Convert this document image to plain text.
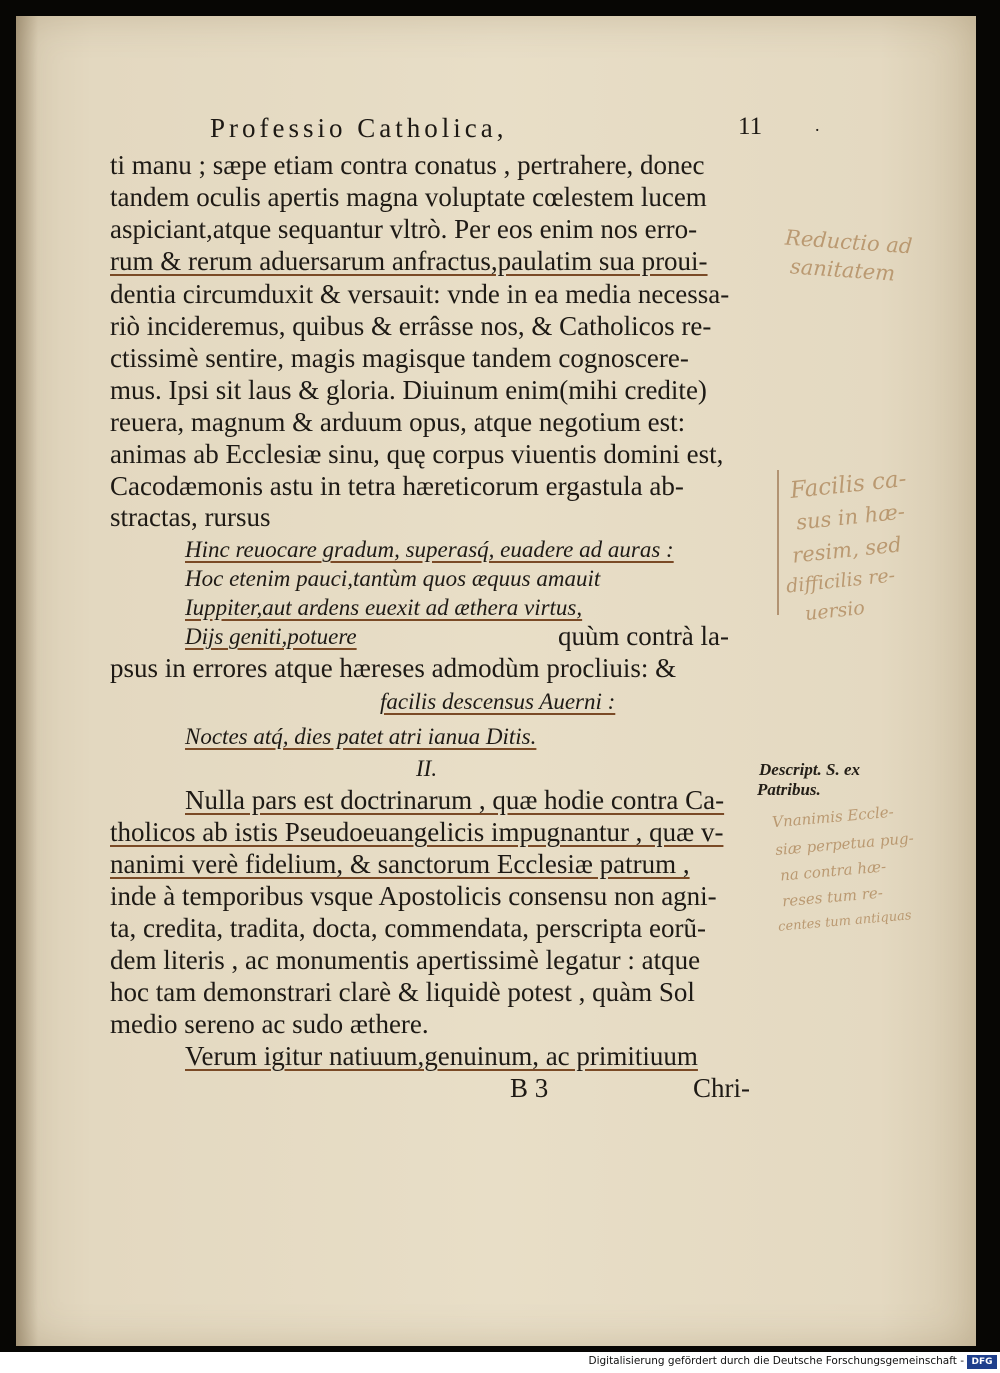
Professio Catholica,	11	.
ti manu ; sæpe etiam contra conatus , pertrahere, donec
tandem oculis apertis magna voluptate cœlestem lucem
aspiciant,atque sequantur vltrò. Per eos enim nos erro-
rum & rerum aduersarum anfractus,paulatim sua proui-
dentia circumduxit & versauit: vnde in ea media necessa-
riò incideremus, quibus & errâsse nos, & Catholicos re-
ctissimè sentire, magis magisque tandem cognoscere-
mus. Ipsi sit laus & gloria. Diuinum enim(mihi credite)
reuera, magnum & arduum opus, atque negotium est:
animas ab Ecclesiæ sinu, quę corpus viuentis domini est,
Cacodæmonis astu in tetra hæreticorum ergastula ab-
stractas, rursus
Hinc reuocare gradum, superasq́, euadere ad auras :
Hoc etenim pauci,tantùm quos æquus amauit
Iuppiter,aut ardens euexit ad æthera virtus,
Dijs geniti,potuere	quùm contrà la-
psus in errores atque hæreses admodùm procliuis: &
facilis descensus Auerni :
Noctes atq́, dies patet atri ianua Ditis.
II.
Nulla pars est doctrinarum , quæ hodie contra Ca-
tholicos ab istis Pseudoeuangelicis impugnantur , quæ v-
nanimi verè fidelium, & sanctorum Ecclesiæ patrum ,
inde à temporibus vsque Apostolicis consensu non agni-
ta, credita, tradita, docta, commendata, perscripta eorũ-
dem literis , ac monumentis apertissimè legatur : atque
hoc tam demonstrari clarè & liquidè potest , quàm Sol
medio sereno ac sudo æthere.
Verum igitur natiuum,genuinum, ac primitiuum
B 3	Chri-
Descript. S. ex
Patribus.
Reductio ad
sanitatem
Facilis ca-
sus in hæ-
resim, sed
difficilis re-
uersio
Vnanimis Eccle-
siæ perpetua pug-
na contra hæ-
reses tum re-
centes tum antiquas
Digitalisierung gefördert durch die Deutsche Forschungsgemeinschaft - DFG
